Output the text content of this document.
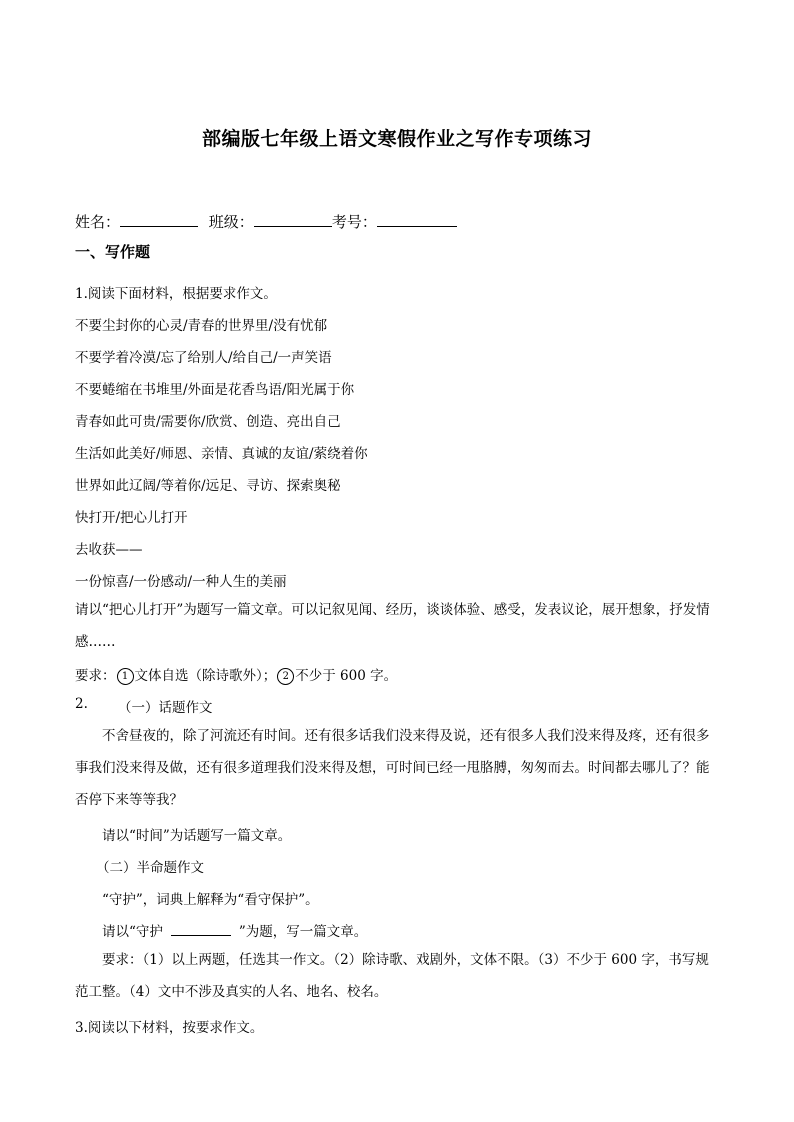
部编版七年级上语文寒假作业之写作专项练习
姓名：	班级：	考号：
一、写作题
1.阅读下面材料，根据要求作文。
不要尘封你的心灵/青春的世界里/没有忧郁
不要学着冷漠/忘了给别人/给自己/一声笑语
不要蜷缩在书堆里/外面是花香鸟语/阳光属于你
青春如此可贵/需要你/欣赏、创造、亮出自己
生活如此美好/师恩、亲情、真诚的友谊/萦绕着你
世界如此辽阔/等着你/远足、寻访、探索奥秘
快打开/把心儿打开
去收获——
一份惊喜/一份感动/一种人生的美丽
请以“把心儿打开”为题写一篇文章。可以记叙见闻、经历，谈谈体验、感受，发表议论，展开想象，抒发情感……
要求： 1 文体自选（除诗歌外）； 2 不少于 600 字。
2. （一）话题作文
不舍昼夜的，除了河流还有时间。还有很多话我们没来得及说，还有很多人我们没来得及疼，还有很多事我们没来得及做，还有很多道理我们没来得及想，可时间已经一甩胳膊，匆匆而去。时间都去哪儿了？能否停下来等等我？
请以“时间”为话题写一篇文章。
（二）半命题作文
“守护”，词典上解释为“看守保护”。
请以“守护	”为题，写一篇文章。
要求：（1）以上两题，任选其一作文。（2）除诗歌、戏剧外，文体不限。（3）不少于 600 字，书写规范工整。（4）文中不涉及真实的人名、地名、校名。
3.阅读以下材料，按要求作文。
